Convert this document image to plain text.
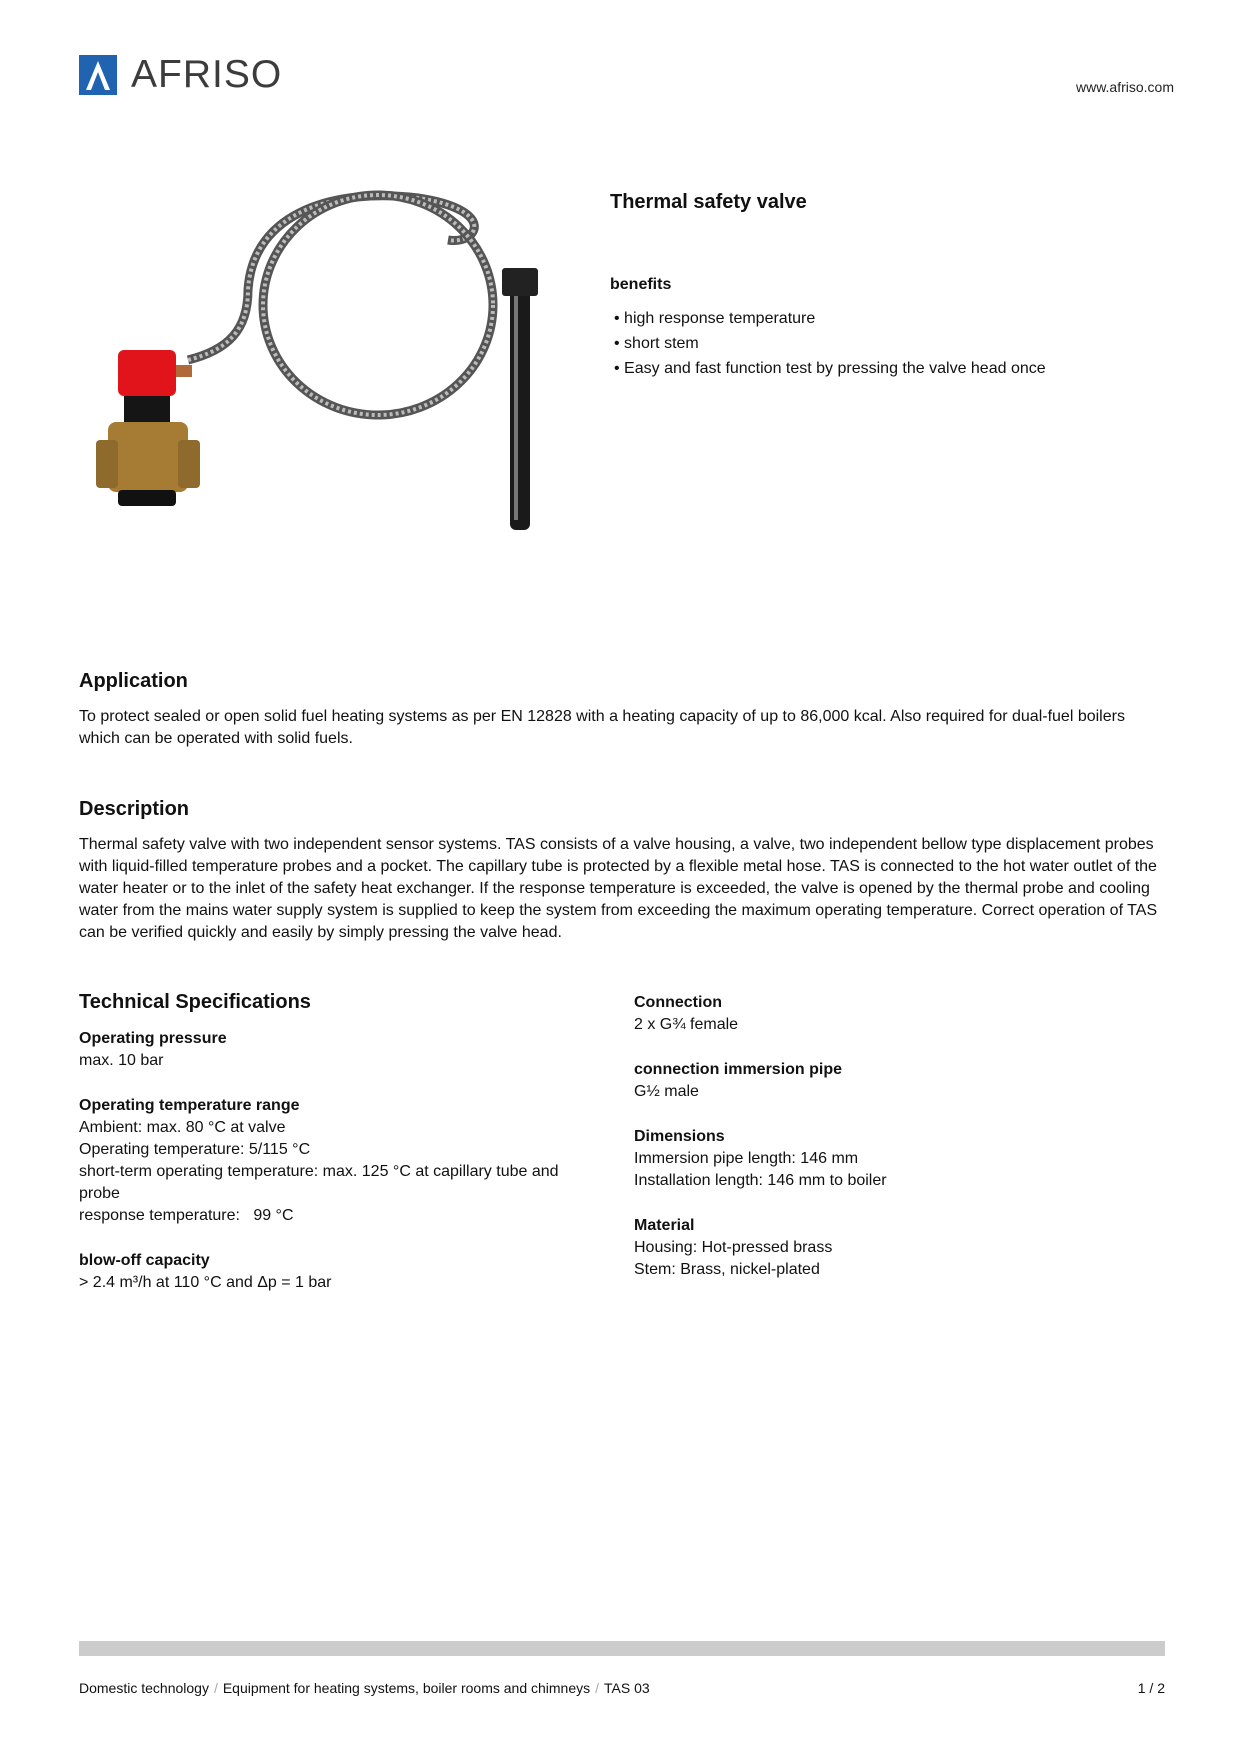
AFRISO	www.afriso.com
Thermal safety valve
benefits
• high response temperature
• short stem
• Easy and fast function test by pressing the valve head once
Application
To protect sealed or open solid fuel heating systems as per EN 12828 with a heating capacity of up to 86,000 kcal. Also required for dual-fuel boilers which can be operated with solid fuels.
Description
Thermal safety valve with two independent sensor systems. TAS consists of a valve housing, a valve, two independent bellow type displacement probes with liquid-filled temperature probes and a pocket. The capillary tube is protected by a flexible metal hose. TAS is connected to the hot water outlet of the water heater or to the inlet of the safety heat exchanger. If the response temperature is exceeded, the valve is opened by the thermal probe and cooling water from the mains water supply system is supplied to keep the system from exceeding the maximum operating temperature. Correct operation of TAS can be verified quickly and easily by simply pressing the valve head.
Technical Specifications
Operating pressure
max. 10 bar
Operating temperature range
Ambient: max. 80 °C at valve
Operating temperature: 5/115 °C
short-term operating temperature: max. 125 °C at capillary tube and probe
response temperature:   99 °C
blow-off capacity
> 2.4 m³/h at 110 °C and Δp = 1 bar
Connection
2 x G¾ female
connection immersion pipe
G½ male
Dimensions
Immersion pipe length: 146 mm
Installation length: 146 mm to boiler
Material
Housing: Hot-pressed brass
Stem: Brass, nickel-plated
Domestic technology / Equipment for heating systems, boiler rooms and chimneys / TAS 03	1 / 2
